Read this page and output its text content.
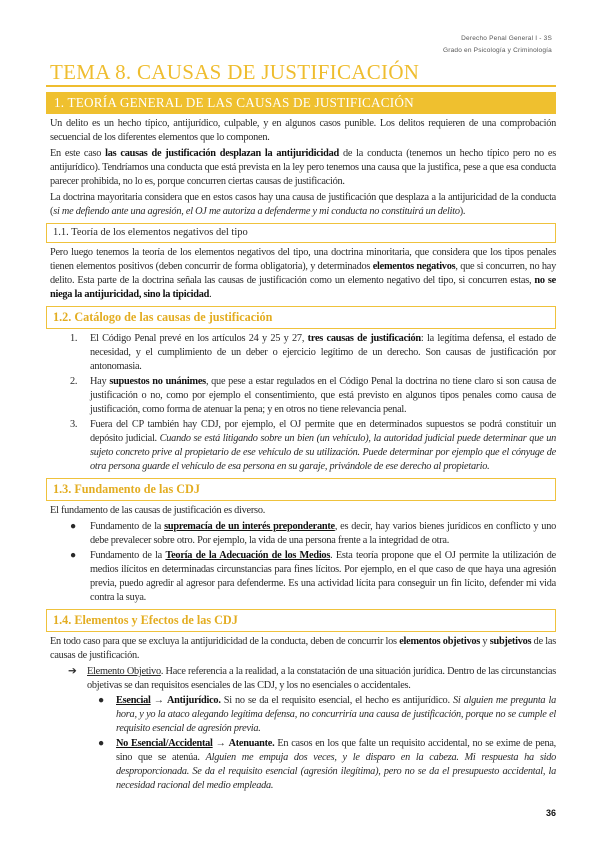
Derecho Penal General I - 3S
Grado en Psicología y Criminología
TEMA 8. CAUSAS DE JUSTIFICACIÓN
1. TEORÍA GENERAL DE LAS CAUSAS DE JUSTIFICACIÓN

Un delito es un hecho típico, antijurídico, culpable, y en algunos casos punible. Los delitos requieren de una comprobación secuencial de los diferentes elementos que lo componen.

En este caso las causas de justificación desplazan la antijuridicidad de la conducta (tenemos un hecho típico pero no es antijurídico). Tendríamos una conducta que está prevista en la ley pero tenemos una causa que la justifica, pese a que esa conducta parecer prohibida, no lo es, porque concurren ciertas causas de justificación.

La doctrina mayoritaria considera que en estos casos hay una causa de justificación que desplaza a la antijuricidad de la conducta (si me defiendo ante una agresión, el OJ me autoriza a defenderme y mi conducta no constituirá un delito).

1.1. Teoría de los elementos negativos del tipo

Pero luego tenemos la teoría de los elementos negativos del tipo, una doctrina minoritaria, que considera que los tipos penales tienen elementos positivos (deben concurrir de forma obligatoria), y determinados elementos negativos, que si concurren, no hay delito. Esta parte de la doctrina señala las causas de justificación como un elemento negativo del tipo, si concurren estas, no se niega la antijuricidad, sino la tipicidad.

1.2. Catálogo de las causas de justificación
1. El Código Penal prevé en los artículos 24 y 25 y 27, tres causas de justificación: la legítima defensa, el estado de necesidad, y el cumplimiento de un deber o ejercicio legítimo de un derecho. Son causas de justificación por antonomasia.
2. Hay supuestos no unánimes, que pese a estar regulados en el Código Penal la doctrina no tiene claro si son causa de justificación o no, como por ejemplo el consentimiento, que está previsto en algunos tipos penales como causa de justificación, como forma de atenuar la pena; y en otros no tiene relevancia penal.
3. Fuera del CP también hay CDJ, por ejemplo, el OJ permite que en determinados supuestos se podrá constituir un depósito judicial. Cuando se está litigando sobre un bien (un vehículo), la autoridad judicial puede determinar que un sujeto concreto prive al propietario de ese vehículo de su utilización. Puede determinar por ejemplo que el cónyuge de otra persona guarde el vehículo de esa persona en su garaje, privándole de ese derecho al propietario.
1.3. Fundamento de las CDJ

El fundamento de las causas de justificación es diverso.

● Fundamento de la supremacía de un interés preponderante, es decir, hay varios bienes jurídicos en conflicto y uno debe prevalecer sobre otro. Por ejemplo, la vida de una persona frente a la integridad de otra.
● Fundamento de la Teoría de la Adecuación de los Medios. Esta teoría propone que el OJ permite la utilización de medios ilícitos en determinadas circunstancias para fines lícitos. Por ejemplo, en el que caso de que haya una agresión previa, puedo agredir al agresor para defenderme. Es una actividad lícita para conseguir un fin lícito, defender mi vida contra la suya.
1.4. Elementos y Efectos de las CDJ

En todo caso para que se excluya la antijuridicidad de la conducta, deben de concurrir los elementos objetivos y subjetivos de las causas de justificación.

➔ Elemento Objetivo. Hace referencia a la realidad, a la constatación de una situación jurídica. Dentro de las circunstancias objetivas se dan requisitos esenciales de las CDJ, y los no esenciales o accidentales.
● Esencial → Antijurídico. Si no se da el requisito esencial, el hecho es antijurídico. Si alguien me pregunta la hora, y yo la ataco alegando legítima defensa, no concurriría una causa de justificación, porque no se cumple el requisito esencial de agresión previa.
● No Esencial/Accidental → Atenuante. En casos en los que falte un requisito accidental, no se exime de pena, sino que se atenúa. Alguien me empuja dos veces, y le disparo en la cabeza. Mi respuesta ha sido desproporcionada. Se da el requisito esencial (agresión ilegítima), pero no se da el presupuesto accidental, la necesidad racional del medio empleada.
36
